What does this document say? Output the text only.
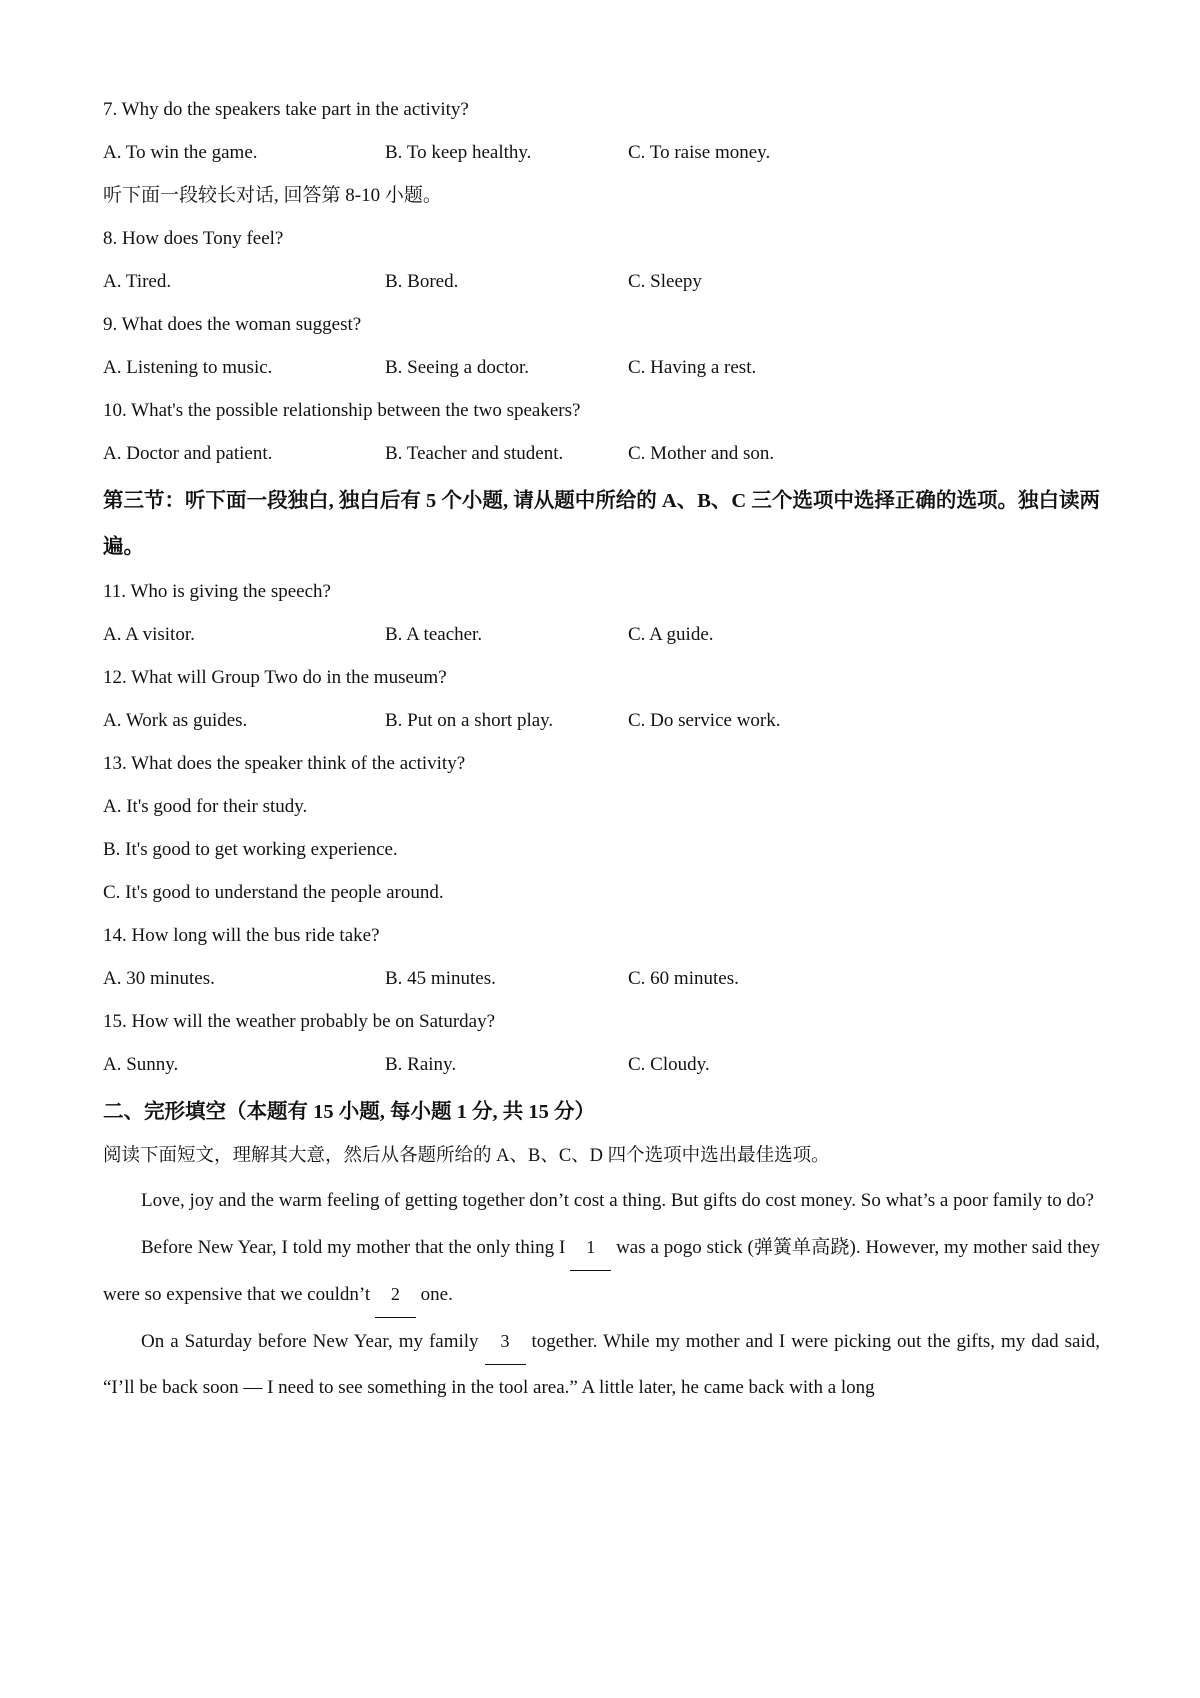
7. Why do the speakers take part in the activity?
A. To win the game.	B. To keep healthy.	C. To raise money.
听下面一段较长对话, 回答第 8-10 小题。
8. How does Tony feel?
A. Tired.	B. Bored.	C. Sleepy
9. What does the woman suggest?
A. Listening to music.	B. Seeing a doctor.	C. Having a rest.
10. What's the possible relationship between the two speakers?
A. Doctor and patient.	B. Teacher and student.	C. Mother and son.
第三节：听下面一段独白, 独白后有 5 个小题, 请从题中所给的 A、B、C 三个选项中选择正确的选项。独白读两遍。
11. Who is giving the speech?
A. A visitor.	B. A teacher.	C. A guide.
12. What will Group Two do in the museum?
A. Work as guides.	B. Put on a short play.	C. Do service work.
13. What does the speaker think of the activity?
A. It's good for their study.
B. It's good to get working experience.
C. It's good to understand the people around.
14. How long will the bus ride take?
A. 30 minutes.	B. 45 minutes.	C. 60 minutes.
15. How will the weather probably be on Saturday?
A. Sunny.	B. Rainy.	C. Cloudy.
二、完形填空（本题有 15 小题, 每小题 1 分, 共 15 分）
阅读下面短文，理解其大意，然后从各题所给的 A、B、C、D 四个选项中选出最佳选项。

Love, joy and the warm feeling of getting together don’t cost a thing. But gifts do cost money. So what’s a poor family to do?

Before New Year, I told my mother that the only thing I 1 was a pogo stick (弹簧单高跷). However, my mother said they were so expensive that we couldn’t 2 one.

On a Saturday before New Year, my family 3 together. While my mother and I were picking out the gifts, my dad said, “I’ll be back soon — I need to see something in the tool area.” A little later, he came back with a long
